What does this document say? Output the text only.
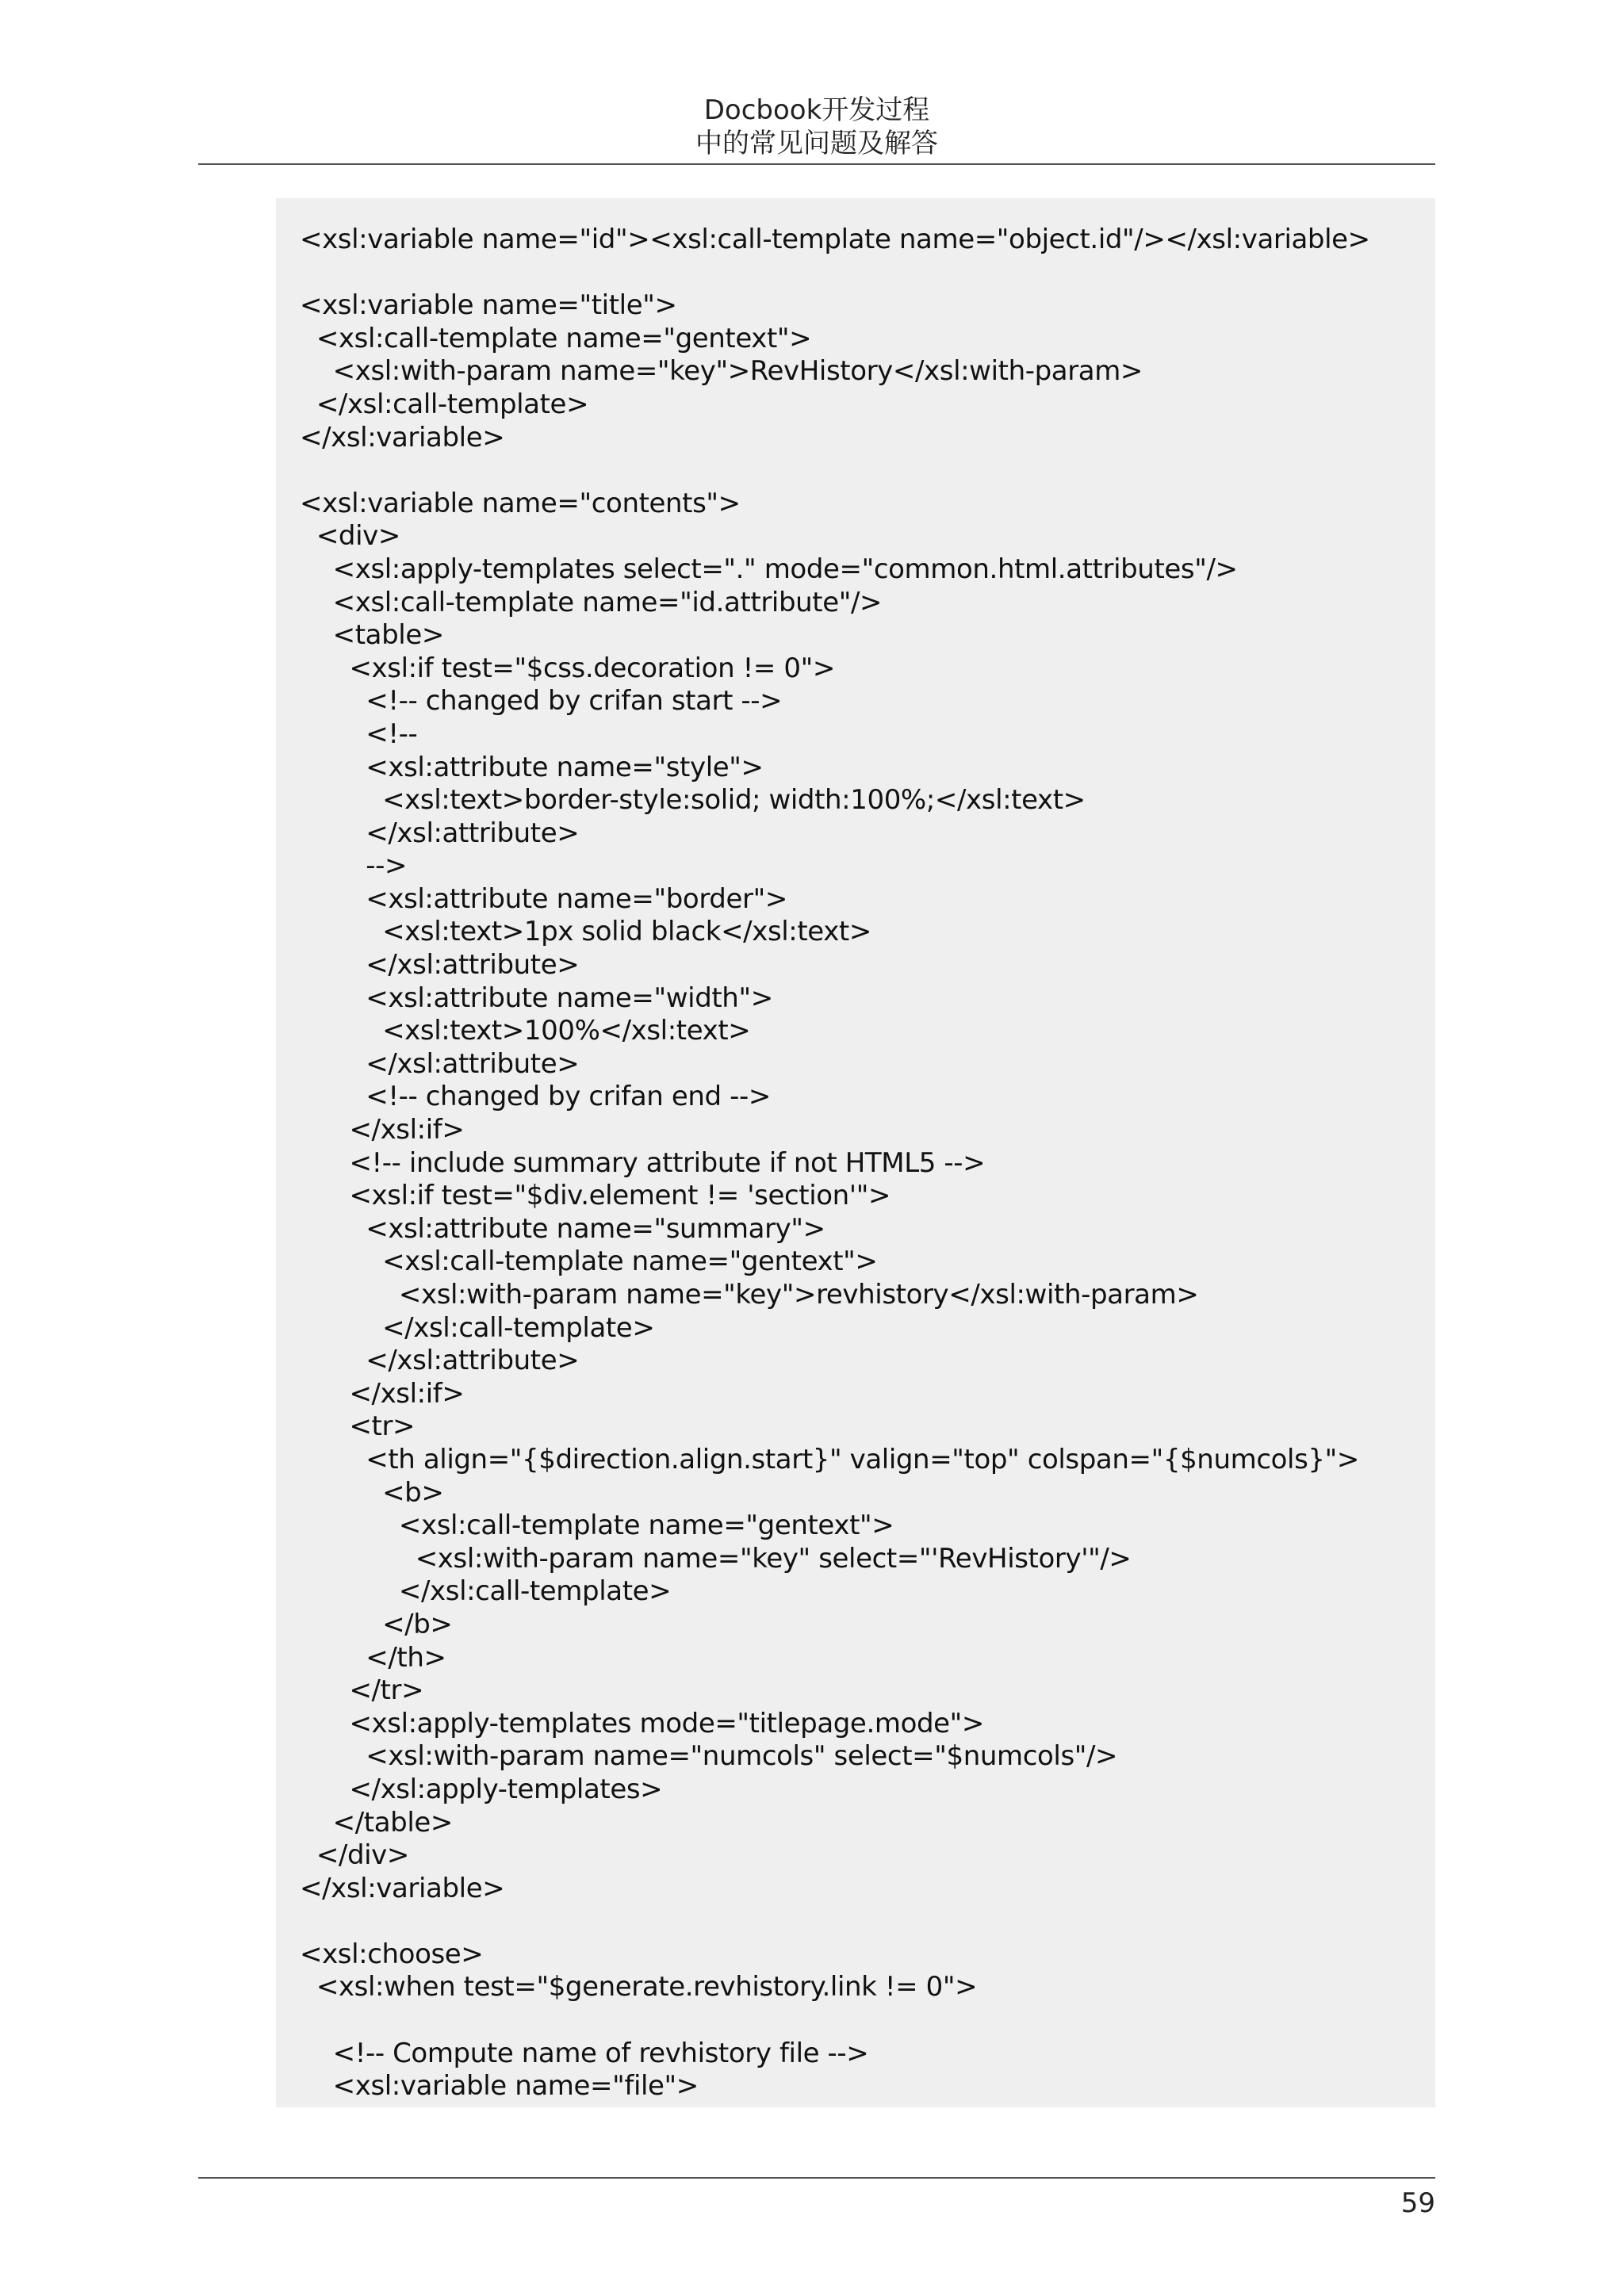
Docbook开发过程
中的常见问题及解答
<xsl:variable name="id"><xsl:call-template name="object.id"/></xsl:variable>

<xsl:variable name="title">
<xsl:call-template name="gentext">
<xsl:with-param name="key">RevHistory</xsl:with-param>
</xsl:call-template>
</xsl:variable>

<xsl:variable name="contents">
<div>
<xsl:apply-templates select="." mode="common.html.attributes"/>
<xsl:call-template name="id.attribute"/>
<table>
<xsl:if test="$css.decoration != 0">
<!-- changed by crifan start -->
<!--
<xsl:attribute name="style">
<xsl:text>border-style:solid; width:100%;</xsl:text>
</xsl:attribute>
-->
<xsl:attribute name="border">
<xsl:text>1px solid black</xsl:text>
</xsl:attribute>
<xsl:attribute name="width">
<xsl:text>100%</xsl:text>
</xsl:attribute>
<!-- changed by crifan end -->
</xsl:if>
<!-- include summary attribute if not HTML5 -->
<xsl:if test="$div.element != 'section'">
<xsl:attribute name="summary">
<xsl:call-template name="gentext">
<xsl:with-param name="key">revhistory</xsl:with-param>
</xsl:call-template>
</xsl:attribute>
</xsl:if>
<tr>
<th align="{$direction.align.start}" valign="top" colspan="{$numcols}">
<b>
<xsl:call-template name="gentext">
<xsl:with-param name="key" select="'RevHistory'"/>
</xsl:call-template>
</b>
</th>
</tr>
<xsl:apply-templates mode="titlepage.mode">
<xsl:with-param name="numcols" select="$numcols"/>
</xsl:apply-templates>
</table>
</div>
</xsl:variable>

<xsl:choose>
<xsl:when test="$generate.revhistory.link != 0">

<!-- Compute name of revhistory file -->
<xsl:variable name="file">
59
